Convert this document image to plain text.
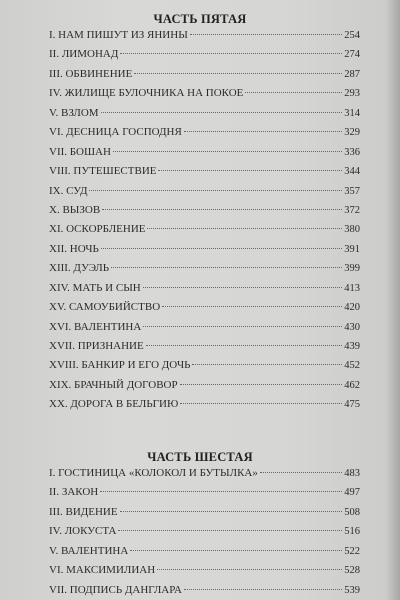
ЧАСТЬ ПЯТАЯ
I. НАМ ПИШУТ ИЗ ЯНИНЫ	254
II. ЛИМОНАД	274
III. ОБВИНЕНИЕ	287
IV. ЖИЛИЩЕ БУЛОЧНИКА НА ПОКОЕ	293
V. ВЗЛОМ	314
VI. ДЕСНИЦА ГОСПОДНЯ	329
VII. БОШАН	336
VIII. ПУТЕШЕСТВИЕ	344
IX. СУД	357
X. ВЫЗОВ	372
XI. ОСКОРБЛЕНИЕ	380
XII. НОЧЬ	391
XIII. ДУЭЛЬ	399
XIV. МАТЬ И СЫН	413
XV. САМОУБИЙСТВО	420
XVI. ВАЛЕНТИНА	430
XVII. ПРИЗНАНИЕ	439
XVIII. БАНКИР И ЕГО ДОЧЬ	452
XIX. БРАЧНЫЙ ДОГОВОР	462
XX. ДОРОГА В БЕЛЬГИЮ	475
ЧАСТЬ ШЕСТАЯ
I. ГОСТИНИЦА «КОЛОКОЛ И БУТЫЛКА»	483
II. ЗАКОН	497
III. ВИДЕНИЕ	508
IV. ЛОКУСТА	516
V. ВАЛЕНТИНА	522
VI. МАКСИМИЛИАН	528
VII. ПОДПИСЬ ДАНГЛАРА	539
